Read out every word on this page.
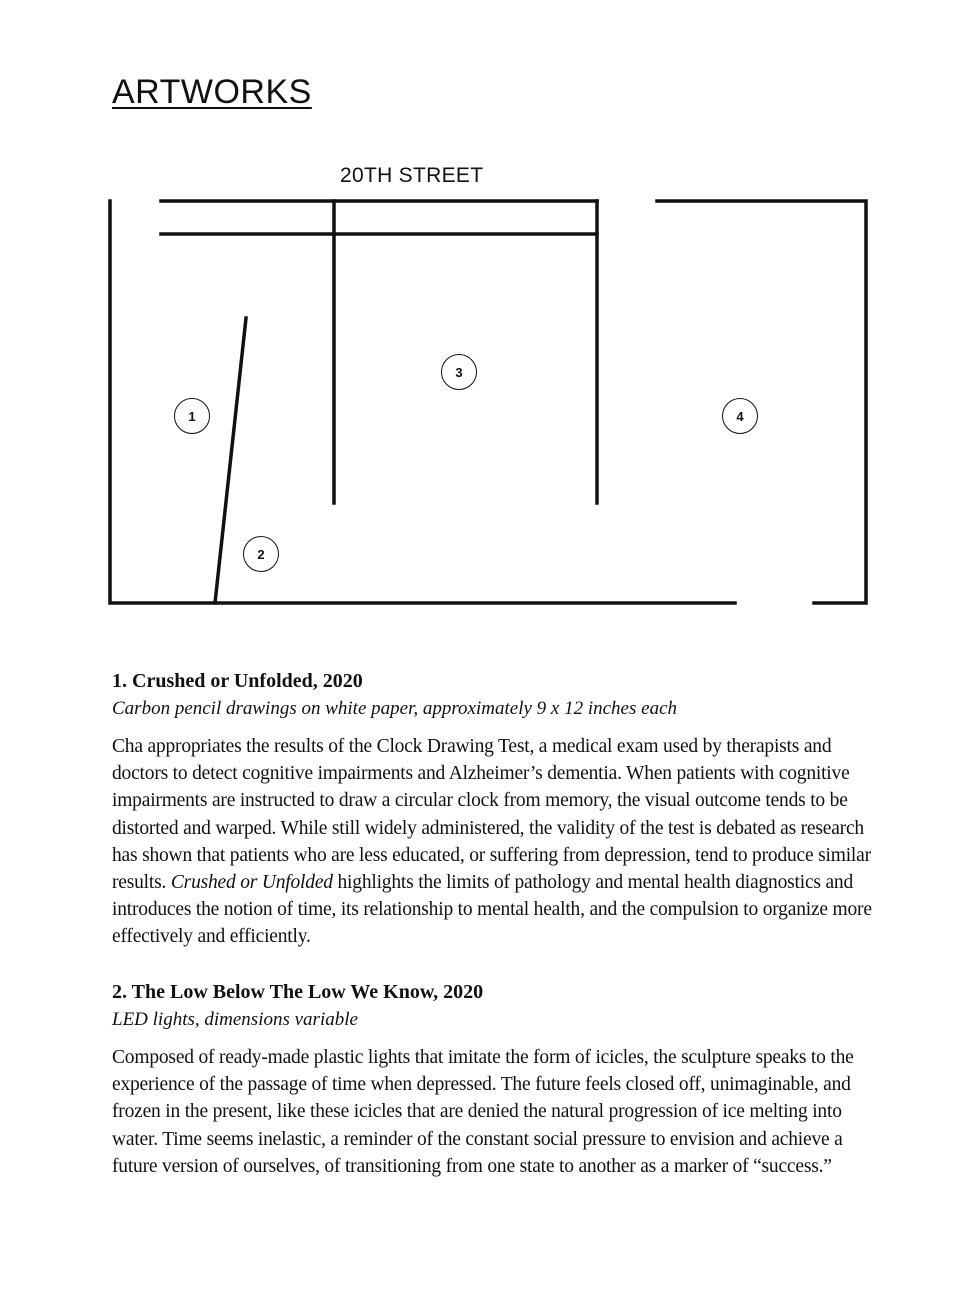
ARTWORKS
20TH STREET
1
2
3
4

1. Crushed or Unfolded, 2020

Carbon pencil drawings on white paper, approximately 9 x 12 inches each

Cha appropriates the results of the Clock Drawing Test, a medical exam used by therapists and doctors to detect cognitive impairments and Alzheimer’s dementia. When patients with cognitive impairments are instructed to draw a circular clock from memory, the visual outcome tends to be distorted and warped. While still widely administered, the validity of the test is debated as research has shown that patients who are less educated, or suffering from depression, tend to produce similar results. Crushed or Unfolded highlights the limits of pathology and mental health diagnostics and introduces the notion of time, its relationship to mental health, and the compulsion to organize more effectively and efficiently.

2. The Low Below The Low We Know, 2020

LED lights, dimensions variable

Composed of ready-made plastic lights that imitate the form of icicles, the sculpture speaks to the experience of the passage of time when depressed. The future feels closed off, unimaginable, and frozen in the present, like these icicles that are denied the natural progression of ice melting into water. Time seems inelastic, a reminder of the constant social pressure to envision and achieve a future version of ourselves, of transitioning from one state to another as a marker of “success.”
